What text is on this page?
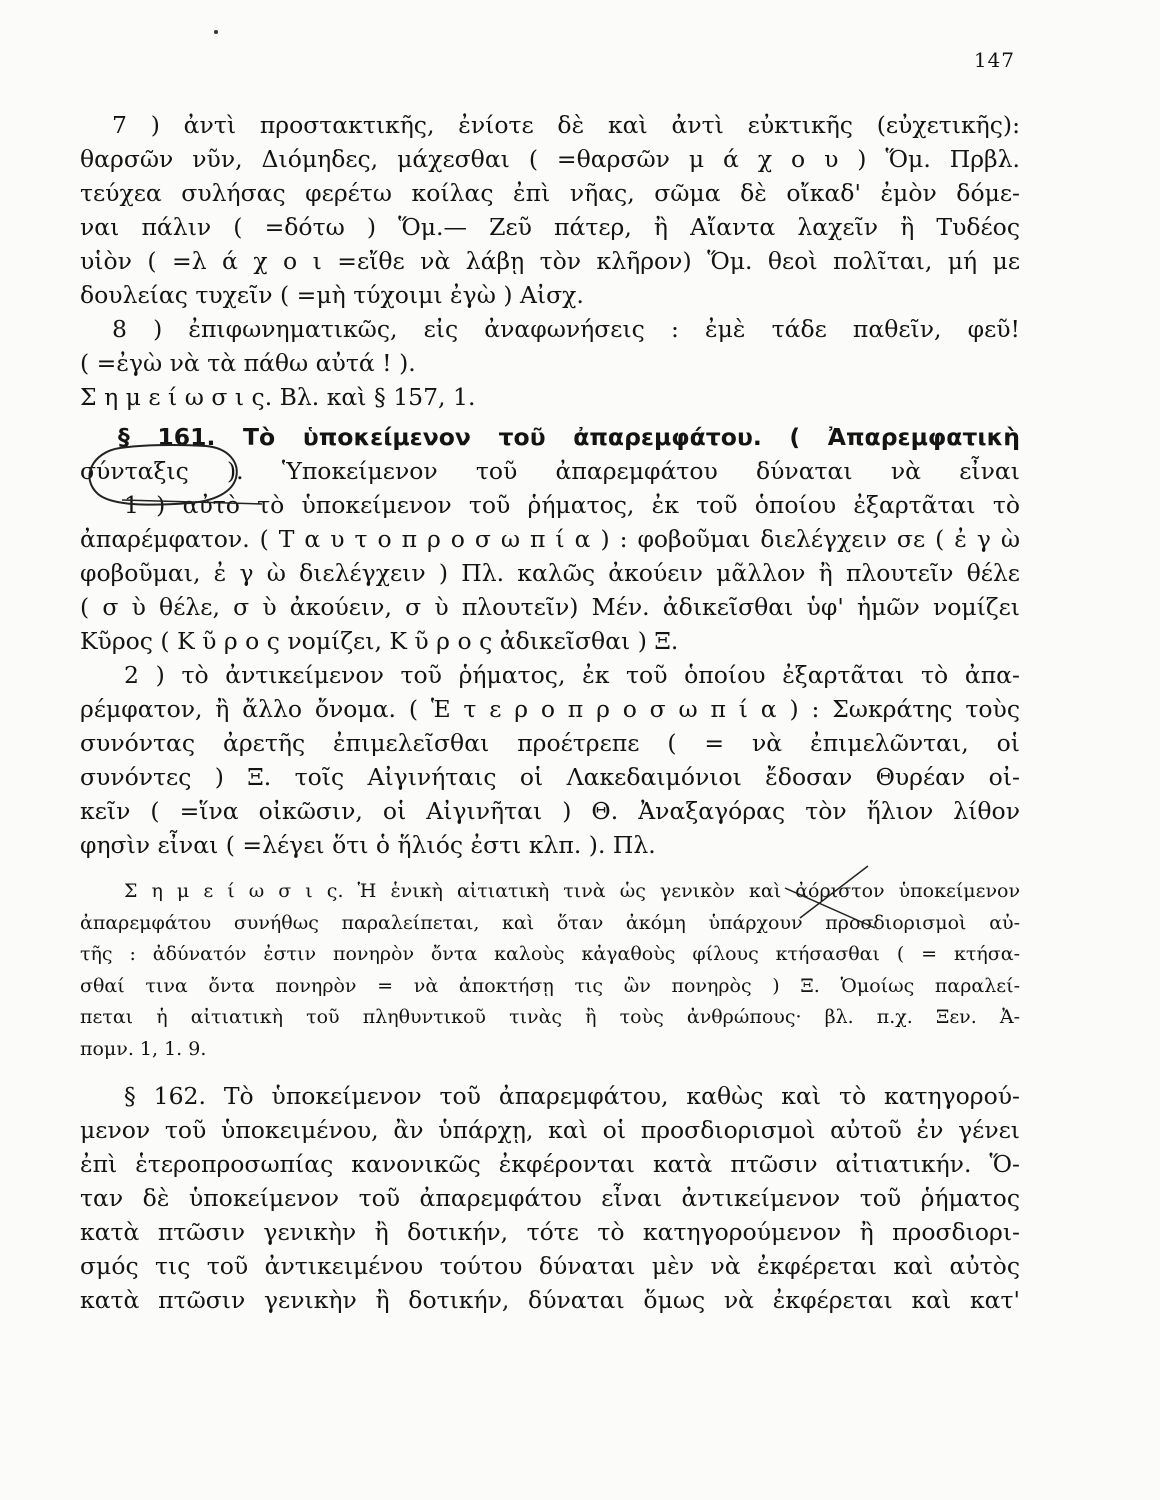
147
7 ) ἀντὶ προστακτικῆς, ἐνίοτε δὲ καὶ ἀντὶ εὐκτικῆς (εὐχετικῆς):
θαρσῶν νῦν, Διόμηδες, μάχεσθαι ( =θαρσῶν μ ά χ ο υ ) Ὅμ. Πρβλ.
τεύχεα συλήσας φερέτω κοίλας ἐπὶ νῆας, σῶμα δὲ οἴκαδ' ἐμὸν δόμε-
ναι πάλιν ( =δότω ) Ὅμ.— Ζεῦ πάτερ, ἢ Αἴαντα λαχεῖν ἢ Τυδέος
υἱὸν ( =λ ά χ ο ι =εἴθε νὰ λάβῃ τὸν κλῆρον) Ὅμ. θεοὶ πολῖται, μή με
δουλείας τυχεῖν ( =μὴ τύχοιμι ἐγὼ ) Αἰσχ.
8 ) ἐπιφωνηματικῶς, εἰς ἀναφωνήσεις : ἐμὲ τάδε παθεῖν, φεῦ!
( =ἐγὼ νὰ τὰ πάθω αὐτά ! ).
Σ η μ ε ί ω σ ι ς. Βλ. καὶ § 157, 1.
§ 161. Τὸ ὑποκείμενον τοῦ ἀπαρεμφάτου. ( Ἀπαρεμφατικὴ
σύνταξις ). Ὑποκείμενον τοῦ ἀπαρεμφάτου δύναται νὰ εἶναι
1 ) αὐτὸ τὸ ὑποκείμενον τοῦ ῥήματος, ἐκ τοῦ ὁποίου ἐξαρτᾶται τὸ
ἀπαρέμφατον. ( Τ α υ τ ο π ρ ο σ ω π ί α ) : φοβοῦμαι διελέγχειν σε ( ἐ γ ὼ
φοβοῦμαι, ἐ γ ὼ διελέγχειν ) Πλ. καλῶς ἀκούειν μᾶλλον ἢ πλουτεῖν θέλε
( σ ὺ θέλε, σ ὺ ἀκούειν, σ ὺ πλουτεῖν) Μέν. ἀδικεῖσθαι ὑφ' ἡμῶν νομίζει
Κῦρος ( Κ ῦ ρ ο ς νομίζει, Κ ῦ ρ ο ς ἀδικεῖσθαι ) Ξ.
2 ) τὸ ἀντικείμενον τοῦ ῥήματος, ἐκ τοῦ ὁποίου ἐξαρτᾶται τὸ ἀπα-
ρέμφατον, ἢ ἄλλο ὄνομα. ( Ἑ τ ε ρ ο π ρ ο σ ω π ί α ) : Σωκράτης τοὺς
συνόντας ἀρετῆς ἐπιμελεῖσθαι προέτρεπε ( = νὰ ἐπιμελῶνται, οἱ
συνόντες ) Ξ. τοῖς Αἰγινήταις οἱ Λακεδαιμόνιοι ἔδοσαν Θυρέαν οἰ-
κεῖν ( =ἵνα οἰκῶσιν, οἱ Αἰγινῆται ) Θ. Ἀναξαγόρας τὸν ἥλιον λίθον
φησὶν εἶναι ( =λέγει ὅτι ὁ ἥλιός ἐστι κλπ. ). Πλ.
Σ η μ ε ί ω σ ι ς. Ἡ ἑνικὴ αἰτιατικὴ τινὰ ὡς γενικὸν καὶ ἀόριστον ὑποκείμενον
ἀπαρεμφάτου συνήθως παραλείπεται, καὶ ὅταν ἀκόμη ὑπάρχουν προσδιορισμοὶ αὐ-
τῆς : ἀδύνατόν ἐστιν πονηρὸν ὄντα καλοὺς κἀγαθοὺς φίλους κτήσασθαι ( = κτήσα-
σθαί τινα ὄντα πονηρὸν = νὰ ἀποκτήσῃ τις ὢν πονηρὸς ) Ξ. Ὁμοίως παραλεί-
πεται ἡ αἰτιατικὴ τοῦ πληθυντικοῦ τινὰς ἢ τοὺς ἀνθρώπους· βλ. π.χ. Ξεν. Ἀ-
πομν. 1, 1. 9.
§ 162. Τὸ ὑποκείμενον τοῦ ἀπαρεμφάτου, καθὼς καὶ τὸ κατηγορού-
μενον τοῦ ὑποκειμένου, ἂν ὑπάρχῃ, καὶ οἱ προσδιορισμοὶ αὐτοῦ ἐν γένει
ἐπὶ ἑτεροπροσωπίας κανονικῶς ἐκφέρονται κατὰ πτῶσιν αἰτιατικήν. Ὅ-
ταν δὲ ὑποκείμενον τοῦ ἀπαρεμφάτου εἶναι ἀντικείμενον τοῦ ῥήματος
κατὰ πτῶσιν γενικὴν ἢ δοτικήν, τότε τὸ κατηγορούμενον ἢ προσδιορι-
σμός τις τοῦ ἀντικειμένου τούτου δύναται μὲν νὰ ἐκφέρεται καὶ αὐτὸς
κατὰ πτῶσιν γενικὴν ἢ δοτικήν, δύναται ὅμως νὰ ἐκφέρεται καὶ κατ'
